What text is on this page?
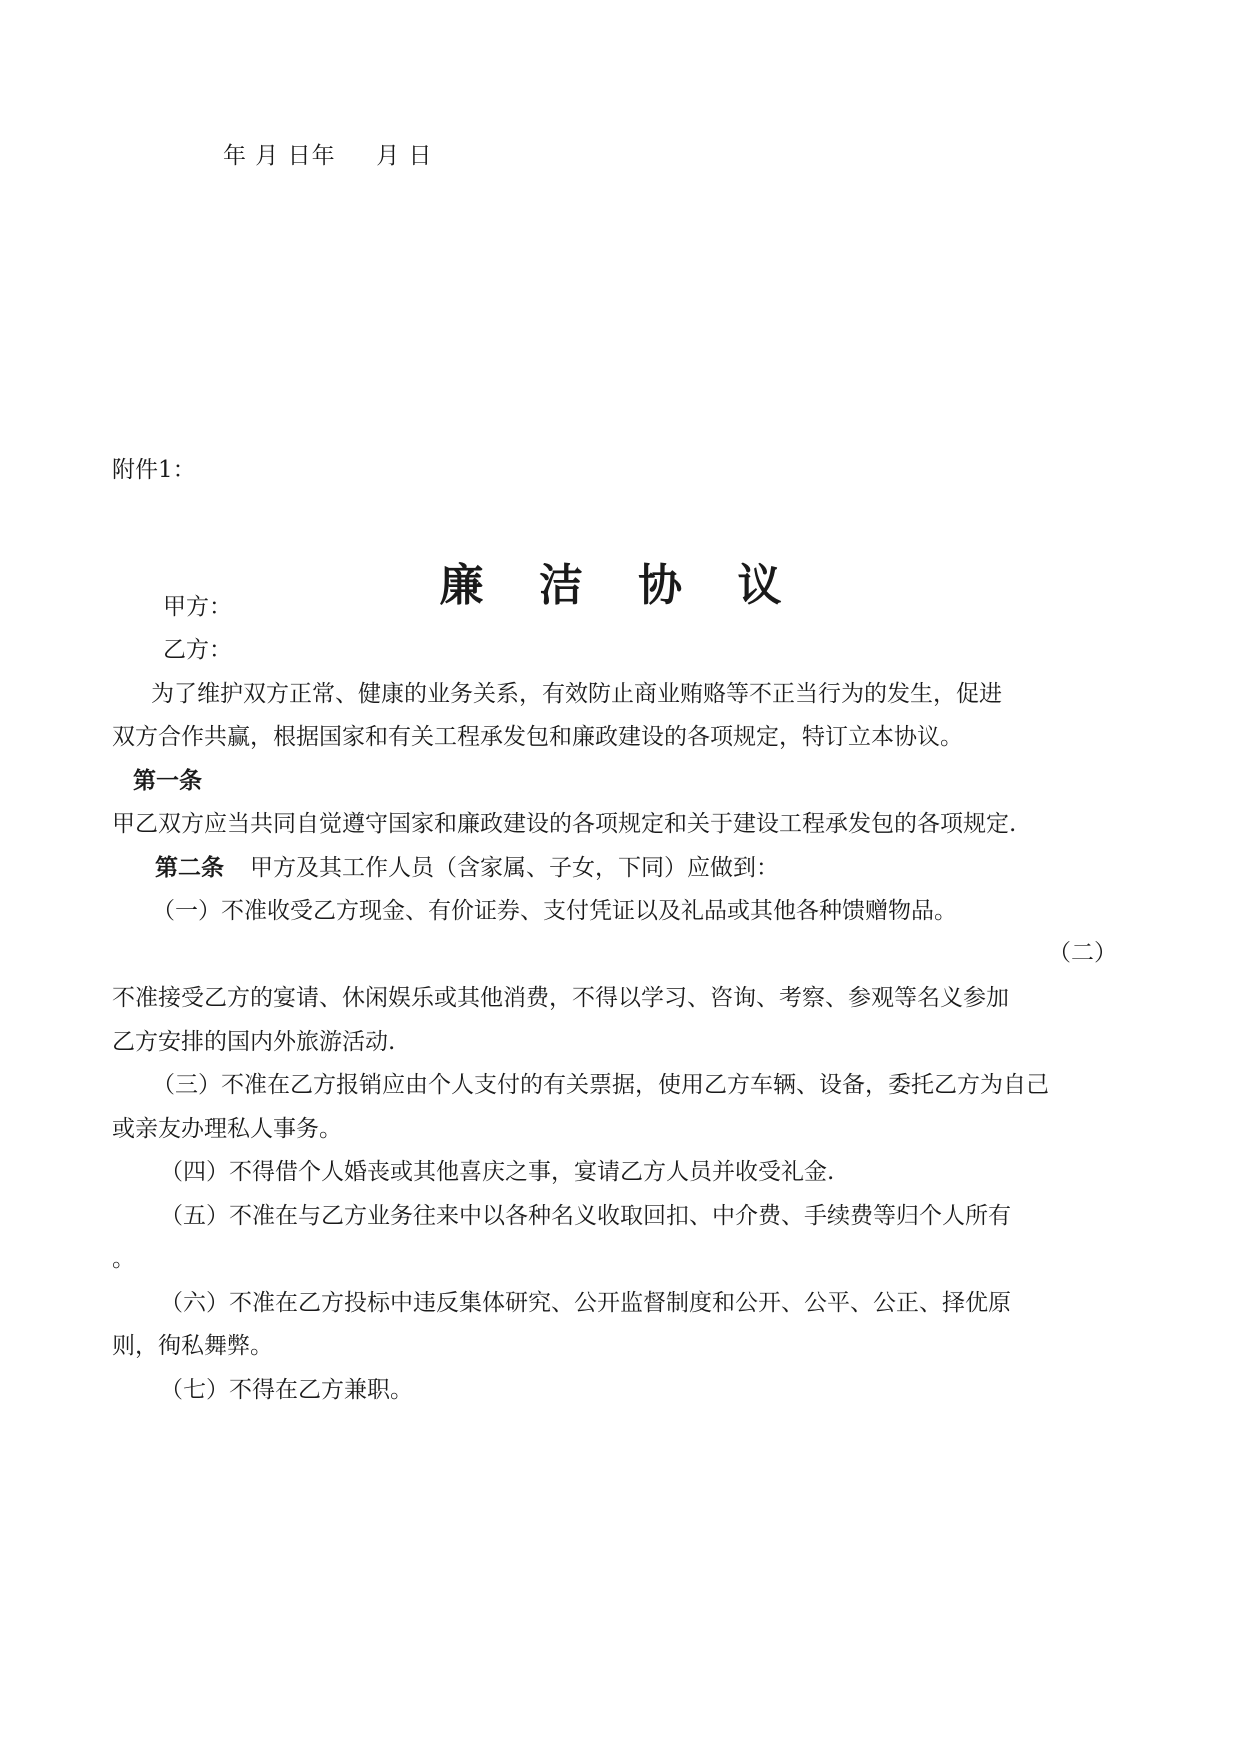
年 月 日年 　 月 日
附件1：
廉 洁 协 议
甲方：
乙方：
为了维护双方正常、健康的业务关系，有效防止商业贿赂等不正当行为的发生，促进
双方合作共赢，根据国家和有关工程承发包和廉政建设的各项规定，特订立本协议。
第一条
甲乙双方应当共同自觉遵守国家和廉政建设的各项规定和关于建设工程承发包的各项规定.
第二条 甲方及其工作人员（含家属、子女，下同）应做到：
（一）不准收受乙方现金、有价证券、支付凭证以及礼品或其他各种馈赠物品。
（二）
不准接受乙方的宴请、休闲娱乐或其他消费，不得以学习、咨询、考察、参观等名义参加
乙方安排的国内外旅游活动.
（三）不准在乙方报销应由个人支付的有关票据，使用乙方车辆、设备，委托乙方为自己
或亲友办理私人事务。
（四）不得借个人婚丧或其他喜庆之事，宴请乙方人员并收受礼金.
（五）不准在与乙方业务往来中以各种名义收取回扣、中介费、手续费等归个人所有
。
（六）不准在乙方投标中违反集体研究、公开监督制度和公开、公平、公正、择优原
则，徇私舞弊。
（七）不得在乙方兼职。
